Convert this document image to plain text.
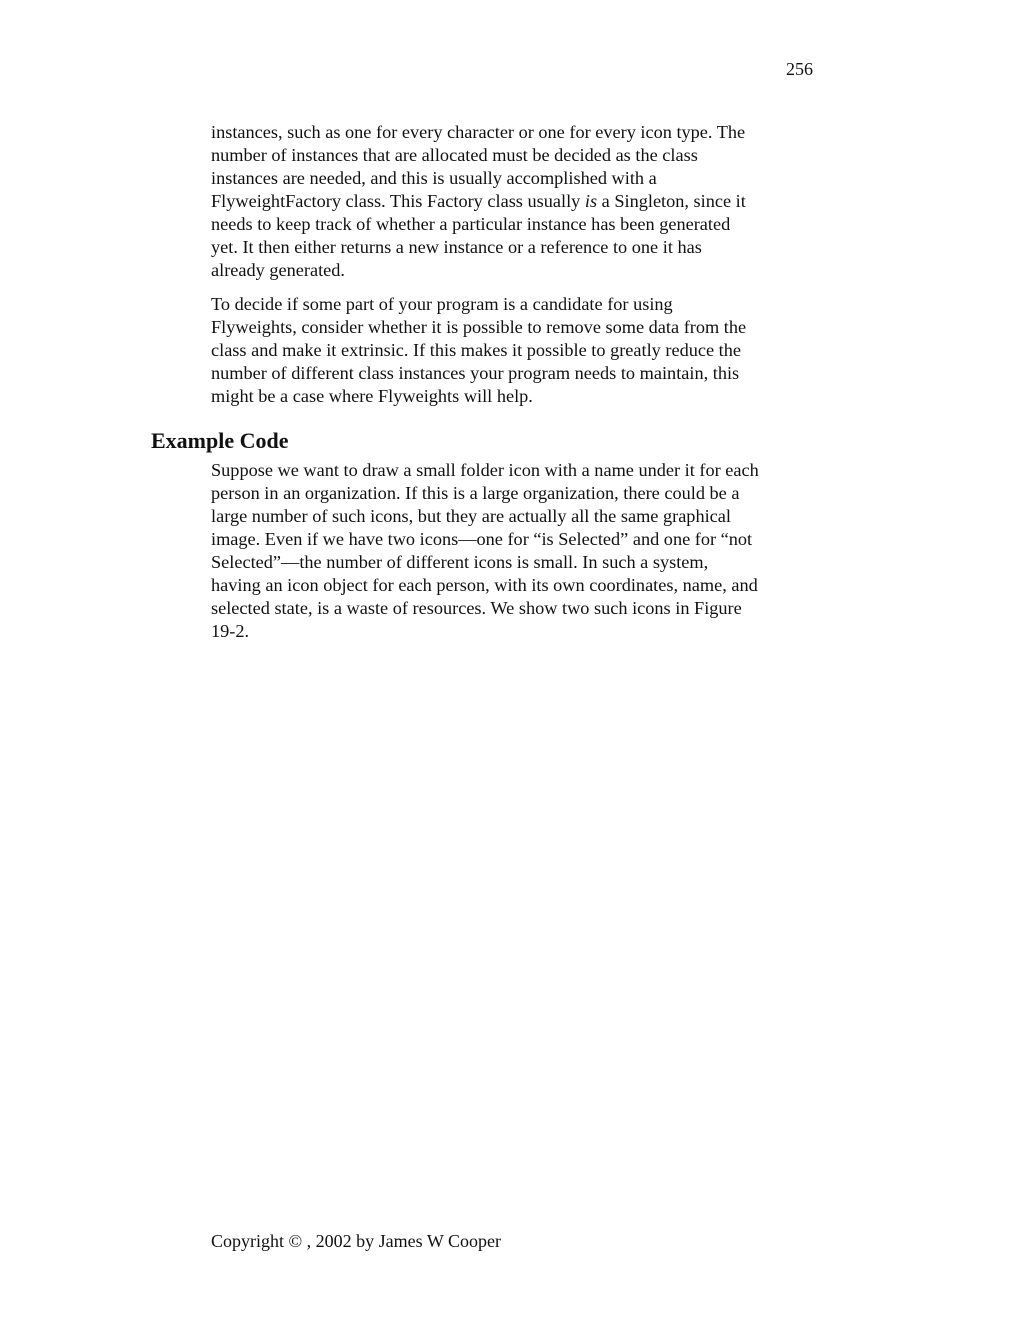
256
instances, such as one for every character or one for every icon type. The
number of instances that are allocated must be decided as the class
instances are needed, and this is usually accomplished with a
FlyweightFactory class. This Factory class usually is a Singleton, since it
needs to keep track of whether a particular instance has been generated
yet. It then either returns a new instance or a reference to one it has
already generated.
To decide if some part of your program is a candidate for using
Flyweights, consider whether it is possible to remove some data from the
class and make it extrinsic. If this makes it possible to greatly reduce the
number of different class instances your program needs to maintain, this
might be a case where Flyweights will help.
Example Code
Suppose we want to draw a small folder icon with a name under it for each
person in an organization. If this is a large organization, there could be a
large number of such icons, but they are actually all the same graphical
image. Even if we have two icons—one for “is Selected” and one for “not
Selected”—the number of different icons is small. In such a system,
having an icon object for each person, with its own coordinates, name, and
selected state, is a waste of resources. We show two such icons in Figure
19-2.
Copyright © , 2002 by James W Cooper
